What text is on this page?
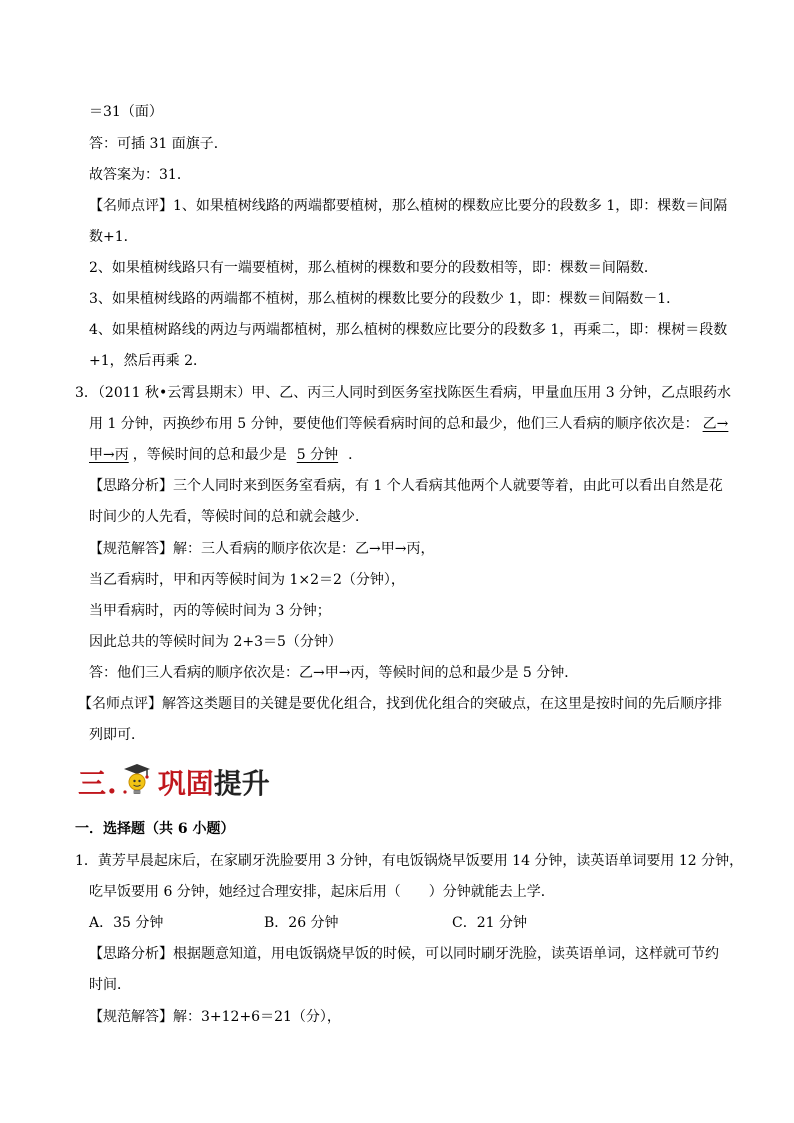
＝31（面）
答：可插 31 面旗子．
故答案为：31．
【名师点评】1、如果植树线路的两端都要植树，那么植树的棵数应比要分的段数多 1，即：棵数＝间隔
数+1．
2、如果植树线路只有一端要植树，那么植树的棵数和要分的段数相等，即：棵数＝间隔数．
3、如果植树线路的两端都不植树，那么植树的棵数比要分的段数少 1，即：棵数＝间隔数－1．
4、如果植树路线的两边与两端都植树，那么植树的棵数应比要分的段数多 1，再乘二，即：棵树＝段数
+1，然后再乘 2．
3．（2011 秋•云霄县期末）甲、乙、丙三人同时到医务室找陈医生看病，甲量血压用 3 分钟，乙点眼药水
用 1 分钟，丙换纱布用 5 分钟，要使他们等候看病时间的总和最少，他们三人看病的顺序依次是： 乙→
甲→丙 ，等候时间的总和最少是 5 分钟 ．
【思路分析】三个人同时来到医务室看病，有 1 个人看病其他两个人就要等着，由此可以看出自然是花
时间少的人先看，等候时间的总和就会越少．
【规范解答】解：三人看病的顺序依次是：乙→甲→丙，
当乙看病时，甲和丙等候时间为 1×2＝2（分钟），
当甲看病时，丙的等候时间为 3 分钟；
因此总共的等候时间为 2+3＝5（分钟）
答：他们三人看病的顺序依次是：乙→甲→丙，等候时间的总和最少是 5 分钟．
【名师点评】解答这类题目的关键是要优化组合，找到优化组合的突破点，在这里是按时间的先后顺序排
列即可．
三. 巩固 提升
一．选择题（共 6 小题）
1．黄芳早晨起床后，在家刷牙洗脸要用 3 分钟，有电饭锅烧早饭要用 14 分钟，读英语单词要用 12 分钟，
吃早饭要用 6 分钟，她经过合理安排，起床后用（　　）分钟就能去上学．
A．35 分钟	B．26 分钟	C．21 分钟
【思路分析】根据题意知道，用电饭锅烧早饭的时候，可以同时刷牙洗脸，读英语单词，这样就可节约
时间．
【规范解答】解：3+12+6＝21（分），
